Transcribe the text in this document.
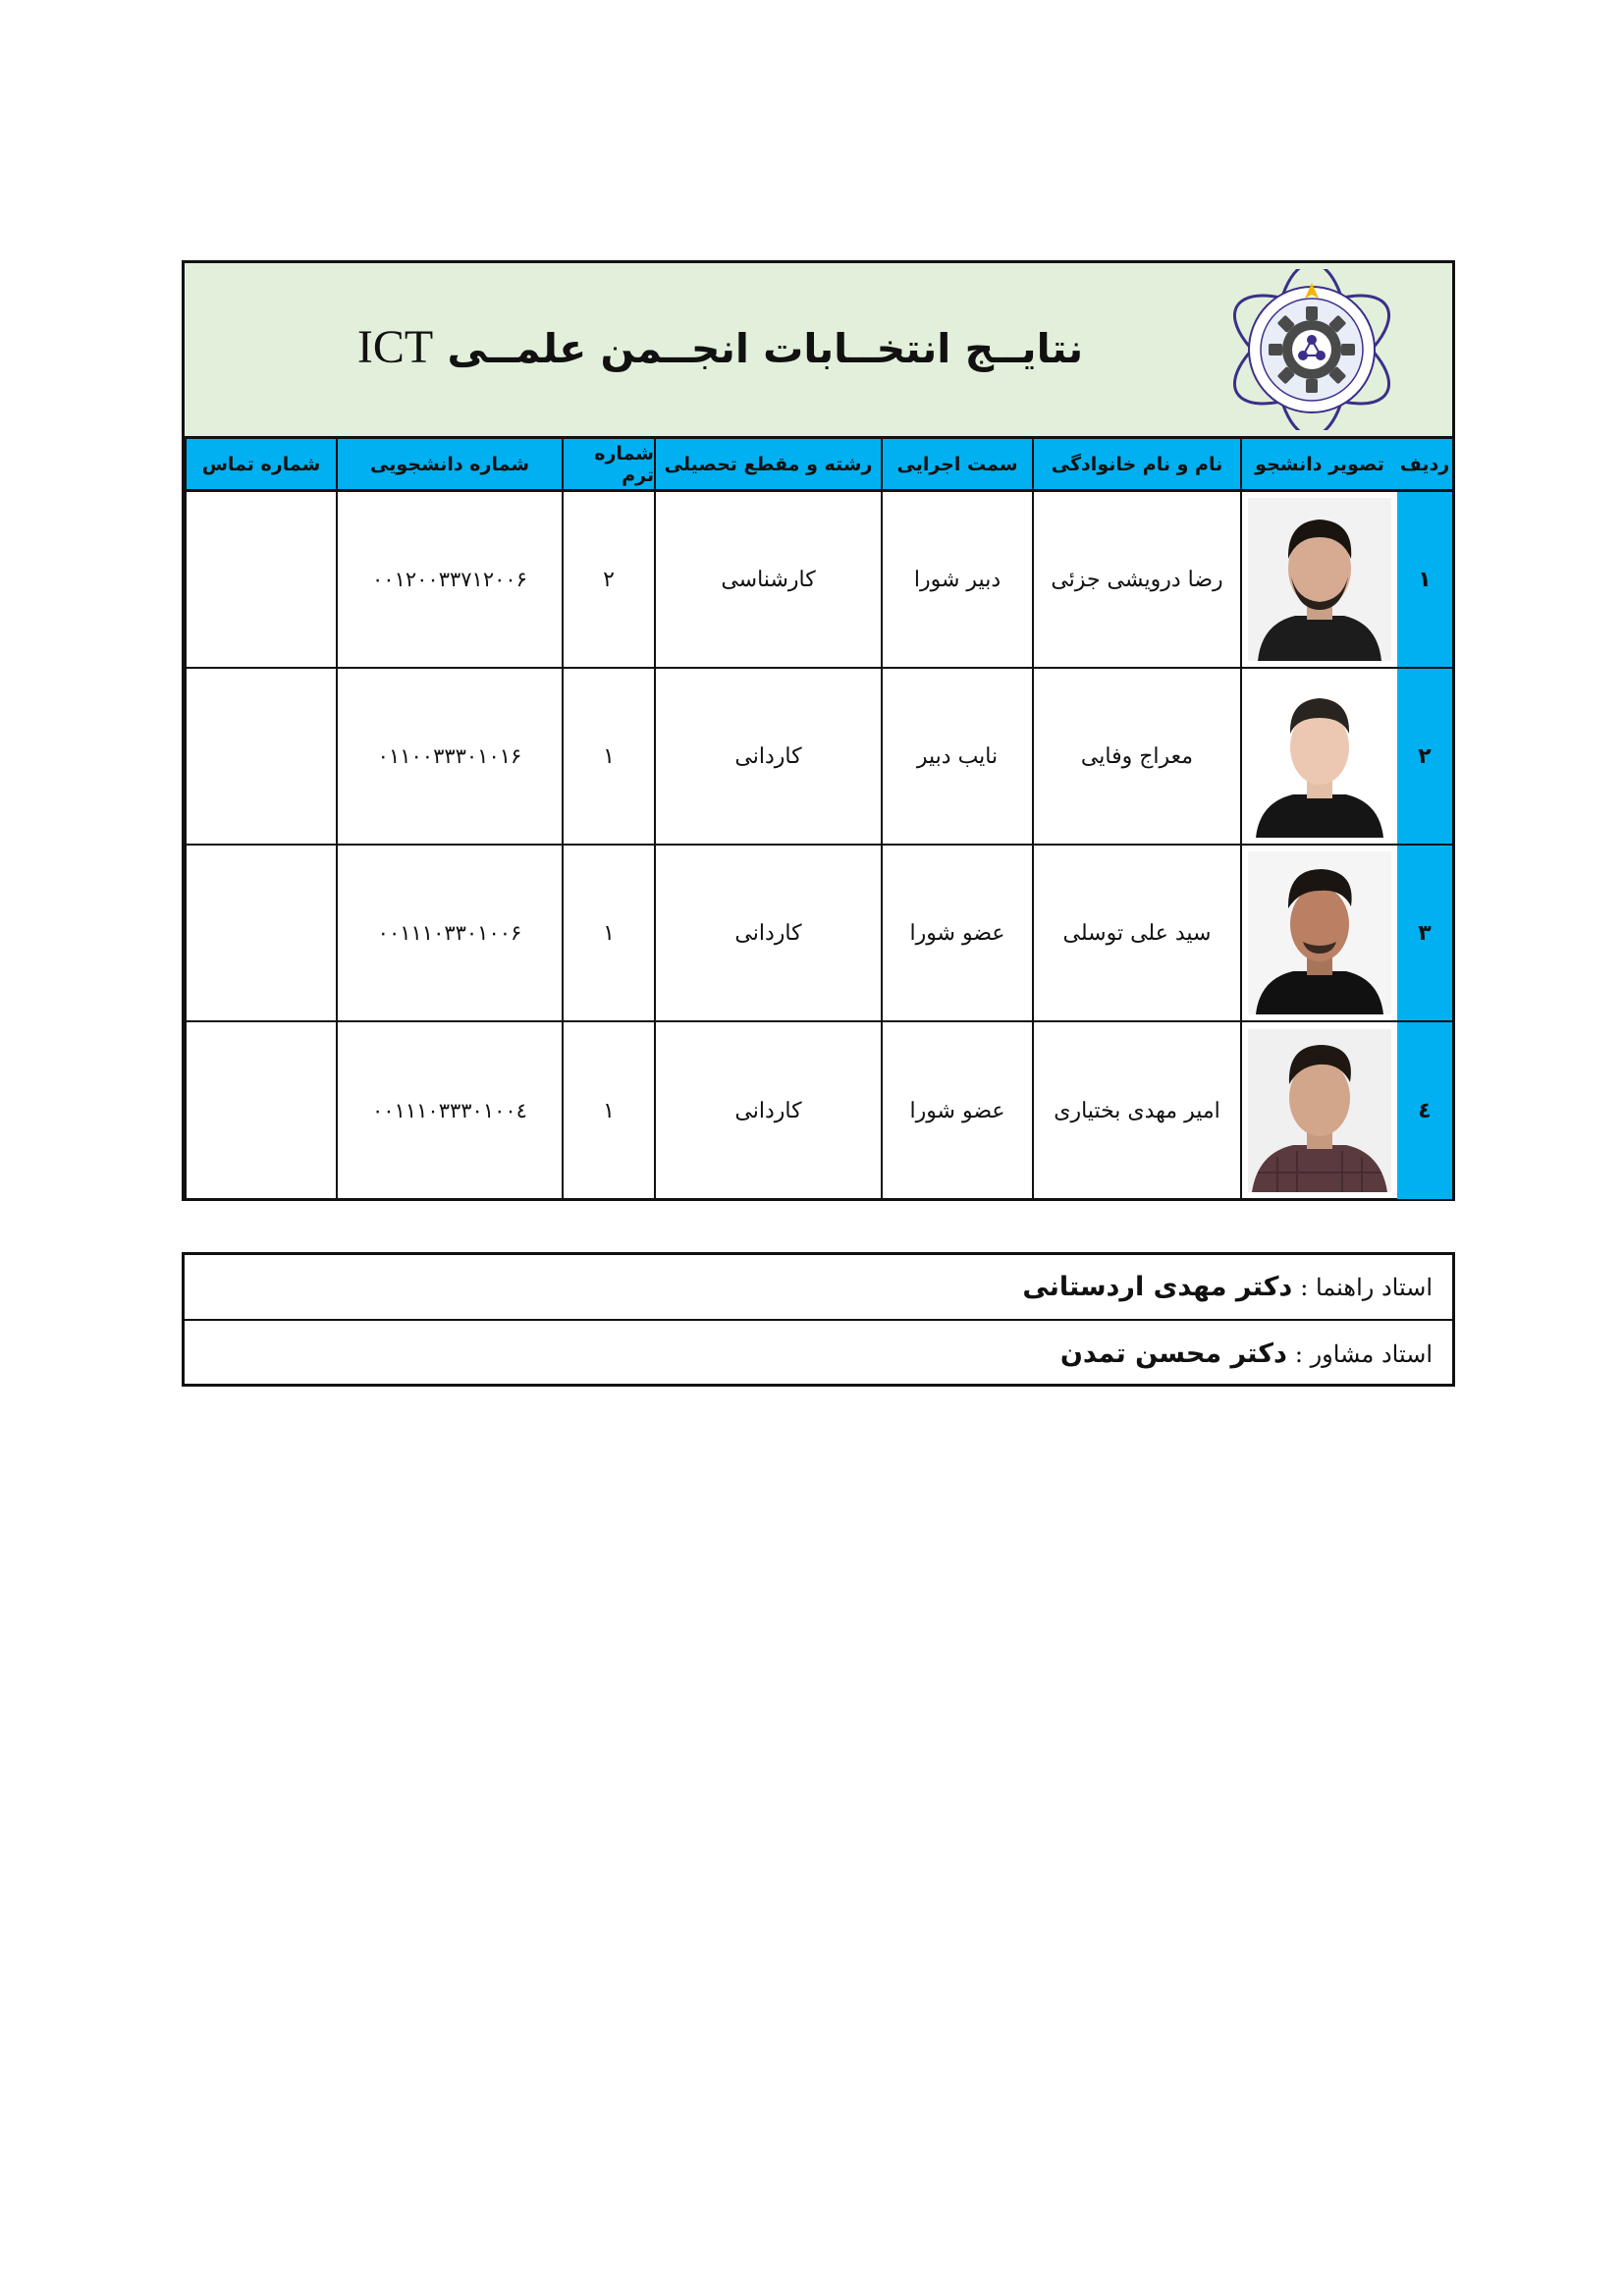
نتایــج انتخــابات انجــمن علمــی ICT
ردیف
تصویر دانشجو
نام و نام خانوادگی
سمت اجرایی
رشته و مقطع تحصیلی
شماره ترم
شماره دانشجویی
شماره تماس
۱
رضا درویشی جزئی
دبیر شورا
کارشناسی
۲
۰۰۱۲۰۰۳۳۷۱۲۰۰۶
۲
معراج وفایی
نایب دبیر
کاردانی
۱
۰۱۱۰۰۳۳۳۰۱۰۱۶
۳
سید علی توسلی
عضو شورا
کاردانی
۱
۰۰۱۱۱۰۳۳۰۱۰۰۶
٤
امیر مهدی بختیاری
عضو شورا
کاردانی
۱
۰۰۱۱۱۰۳۳۳۰۱۰۰٤
استاد راهنما :
دکتر مهدی اردستانی
استاد مشاور :
دکتر محسن تمدن
